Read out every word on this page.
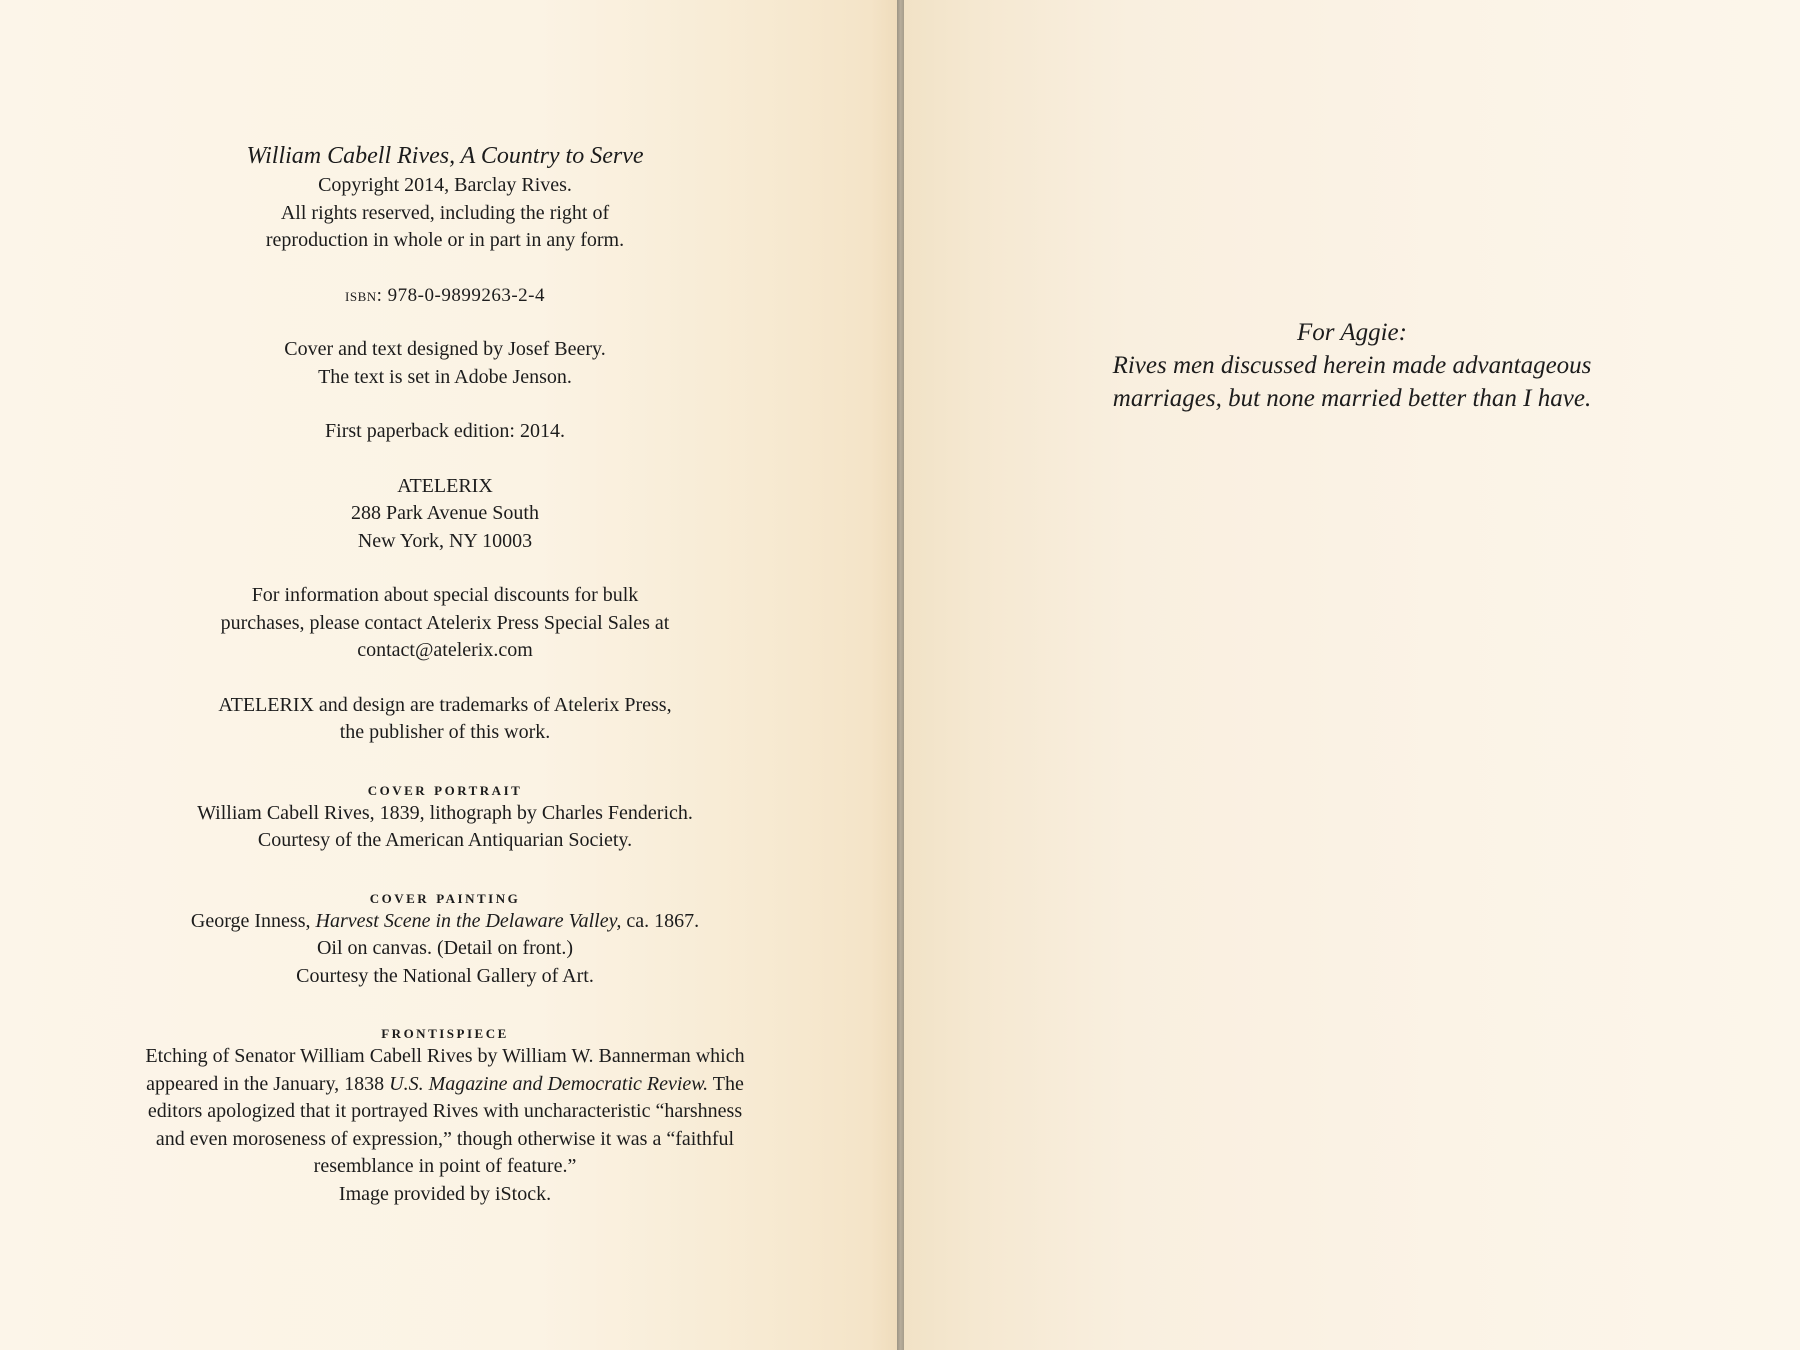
William Cabell Rives, A Country to Serve

Copyright 2014, Barclay Rives.

All rights reserved, including the right of

reproduction in whole or in part in any form.

isbn: 978-0-9899263-2-4

Cover and text designed by Josef Beery.

The text is set in Adobe Jenson.

First paperback edition: 2014.

ATELERIX

288 Park Avenue South

New York, NY 10003

For information about special discounts for bulk

purchases, please contact Atelerix Press Special Sales at

contact@atelerix.com

ATELERIX and design are trademarks of Atelerix Press,

the publisher of this work.

cover portrait

William Cabell Rives, 1839, lithograph by Charles Fenderich.

Courtesy of the American Antiquarian Society.

cover painting

George Inness, Harvest Scene in the Delaware Valley, ca. 1867.

Oil on canvas. (Detail on front.)

Courtesy the National Gallery of Art.

frontispiece

Etching of Senator William Cabell Rives by William W. Bannerman which

appeared in the January, 1838 U.S. Magazine and Democratic Review. The

editors apologized that it portrayed Rives with uncharacteristic “harshness

and even moroseness of expression,” though otherwise it was a “faithful

resemblance in point of feature.”

Image provided by iStock.

For Aggie:

Rives men discussed herein made advantageous

marriages, but none married better than I have.
